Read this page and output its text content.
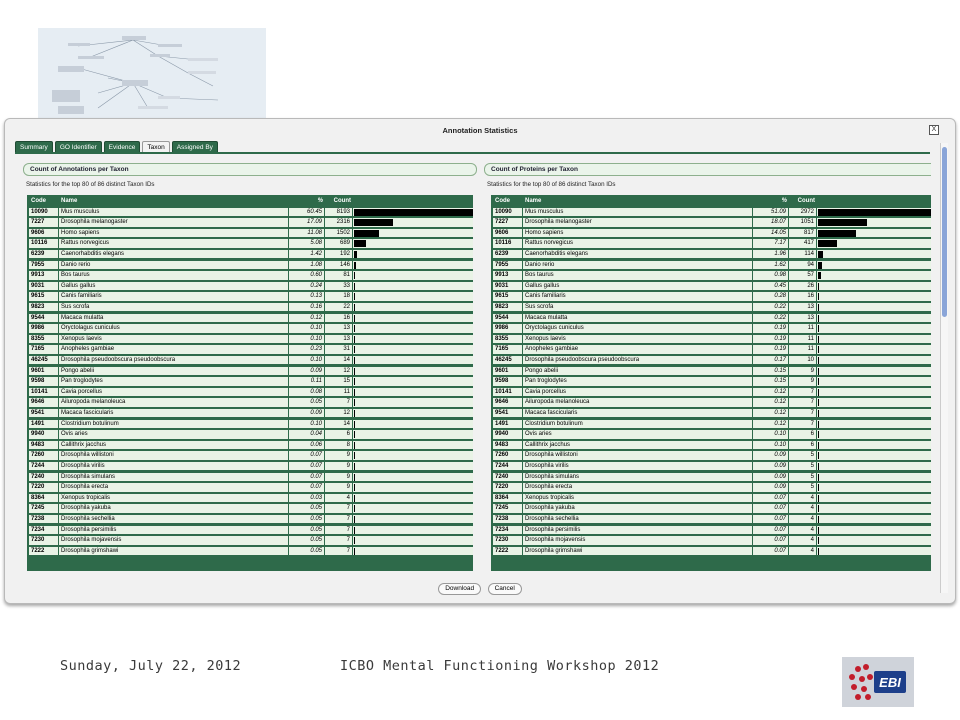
Annotation Statistics	X
Summary	GO Identifier	Evidence	Taxon	Assigned By
Count of Annotations per Taxon
Statistics for the top 80 of 86 distinct Taxon IDs
Code	Name	%	Count
10090	Mus musculus	60.45	8193
7227	Drosophila melanogaster	17.09	2316
9606	Homo sapiens	11.08	1502
10116	Rattus norvegicus	5.08	689
6239	Caenorhabditis elegans	1.42	192
7955	Danio rerio	1.08	146
9913	Bos taurus	0.60	81
9031	Gallus gallus	0.24	33
9615	Canis familiaris	0.13	18
9823	Sus scrofa	0.16	22
9544	Macaca mulatta	0.12	16
9986	Oryctolagus cuniculus	0.10	13
8355	Xenopus laevis	0.10	13
7165	Anopheles gambiae	0.23	31
46245	Drosophila pseudoobscura pseudoobscura	0.10	14
9601	Pongo abelii	0.09	12
9598	Pan troglodytes	0.11	15
10141	Cavia porcellus	0.08	11
9646	Ailuropoda melanoleuca	0.05	7
9541	Macaca fascicularis	0.09	12
1491	Clostridium botulinum	0.10	14
9940	Ovis aries	0.04	6
9483	Callithrix jacchus	0.06	8
7260	Drosophila willistoni	0.07	9
7244	Drosophila virilis	0.07	9
7240	Drosophila simulans	0.07	9
7220	Drosophila erecta	0.07	9
8364	Xenopus tropicalis	0.03	4
7245	Drosophila yakuba	0.05	7
7238	Drosophila sechellia	0.05	7
7234	Drosophila persimilis	0.05	7
7230	Drosophila mojavensis	0.05	7
7222	Drosophila grimshawi	0.05	7
Count of Proteins per Taxon
Statistics for the top 80 of 86 distinct Taxon IDs
Code	Name	%	Count
10090	Mus musculus	51.09	2972
7227	Drosophila melanogaster	18.07	1051
9606	Homo sapiens	14.05	817
10116	Rattus norvegicus	7.17	417
6239	Caenorhabditis elegans	1.96	114
7955	Danio rerio	1.62	94
9913	Bos taurus	0.98	57
9031	Gallus gallus	0.45	26
9615	Canis familiaris	0.28	16
9823	Sus scrofa	0.22	13
9544	Macaca mulatta	0.22	13
9986	Oryctolagus cuniculus	0.19	11
8355	Xenopus laevis	0.19	11
7165	Anopheles gambiae	0.19	11
46245	Drosophila pseudoobscura pseudoobscura	0.17	10
9601	Pongo abelii	0.15	9
9598	Pan troglodytes	0.15	9
10141	Cavia porcellus	0.12	7
9646	Ailuropoda melanoleuca	0.12	7
9541	Macaca fascicularis	0.12	7
1491	Clostridium botulinum	0.12	7
9940	Ovis aries	0.10	6
9483	Callithrix jacchus	0.10	6
7260	Drosophila willistoni	0.09	5
7244	Drosophila virilis	0.09	5
7240	Drosophila simulans	0.09	5
7220	Drosophila erecta	0.09	5
8364	Xenopus tropicalis	0.07	4
7245	Drosophila yakuba	0.07	4
7238	Drosophila sechellia	0.07	4
7234	Drosophila persimilis	0.07	4
7230	Drosophila mojavensis	0.07	4
7222	Drosophila grimshawi	0.07	4
Download	Cancel
Sunday, July 22, 2012	ICBO Mental Functioning Workshop 2012
EBI
